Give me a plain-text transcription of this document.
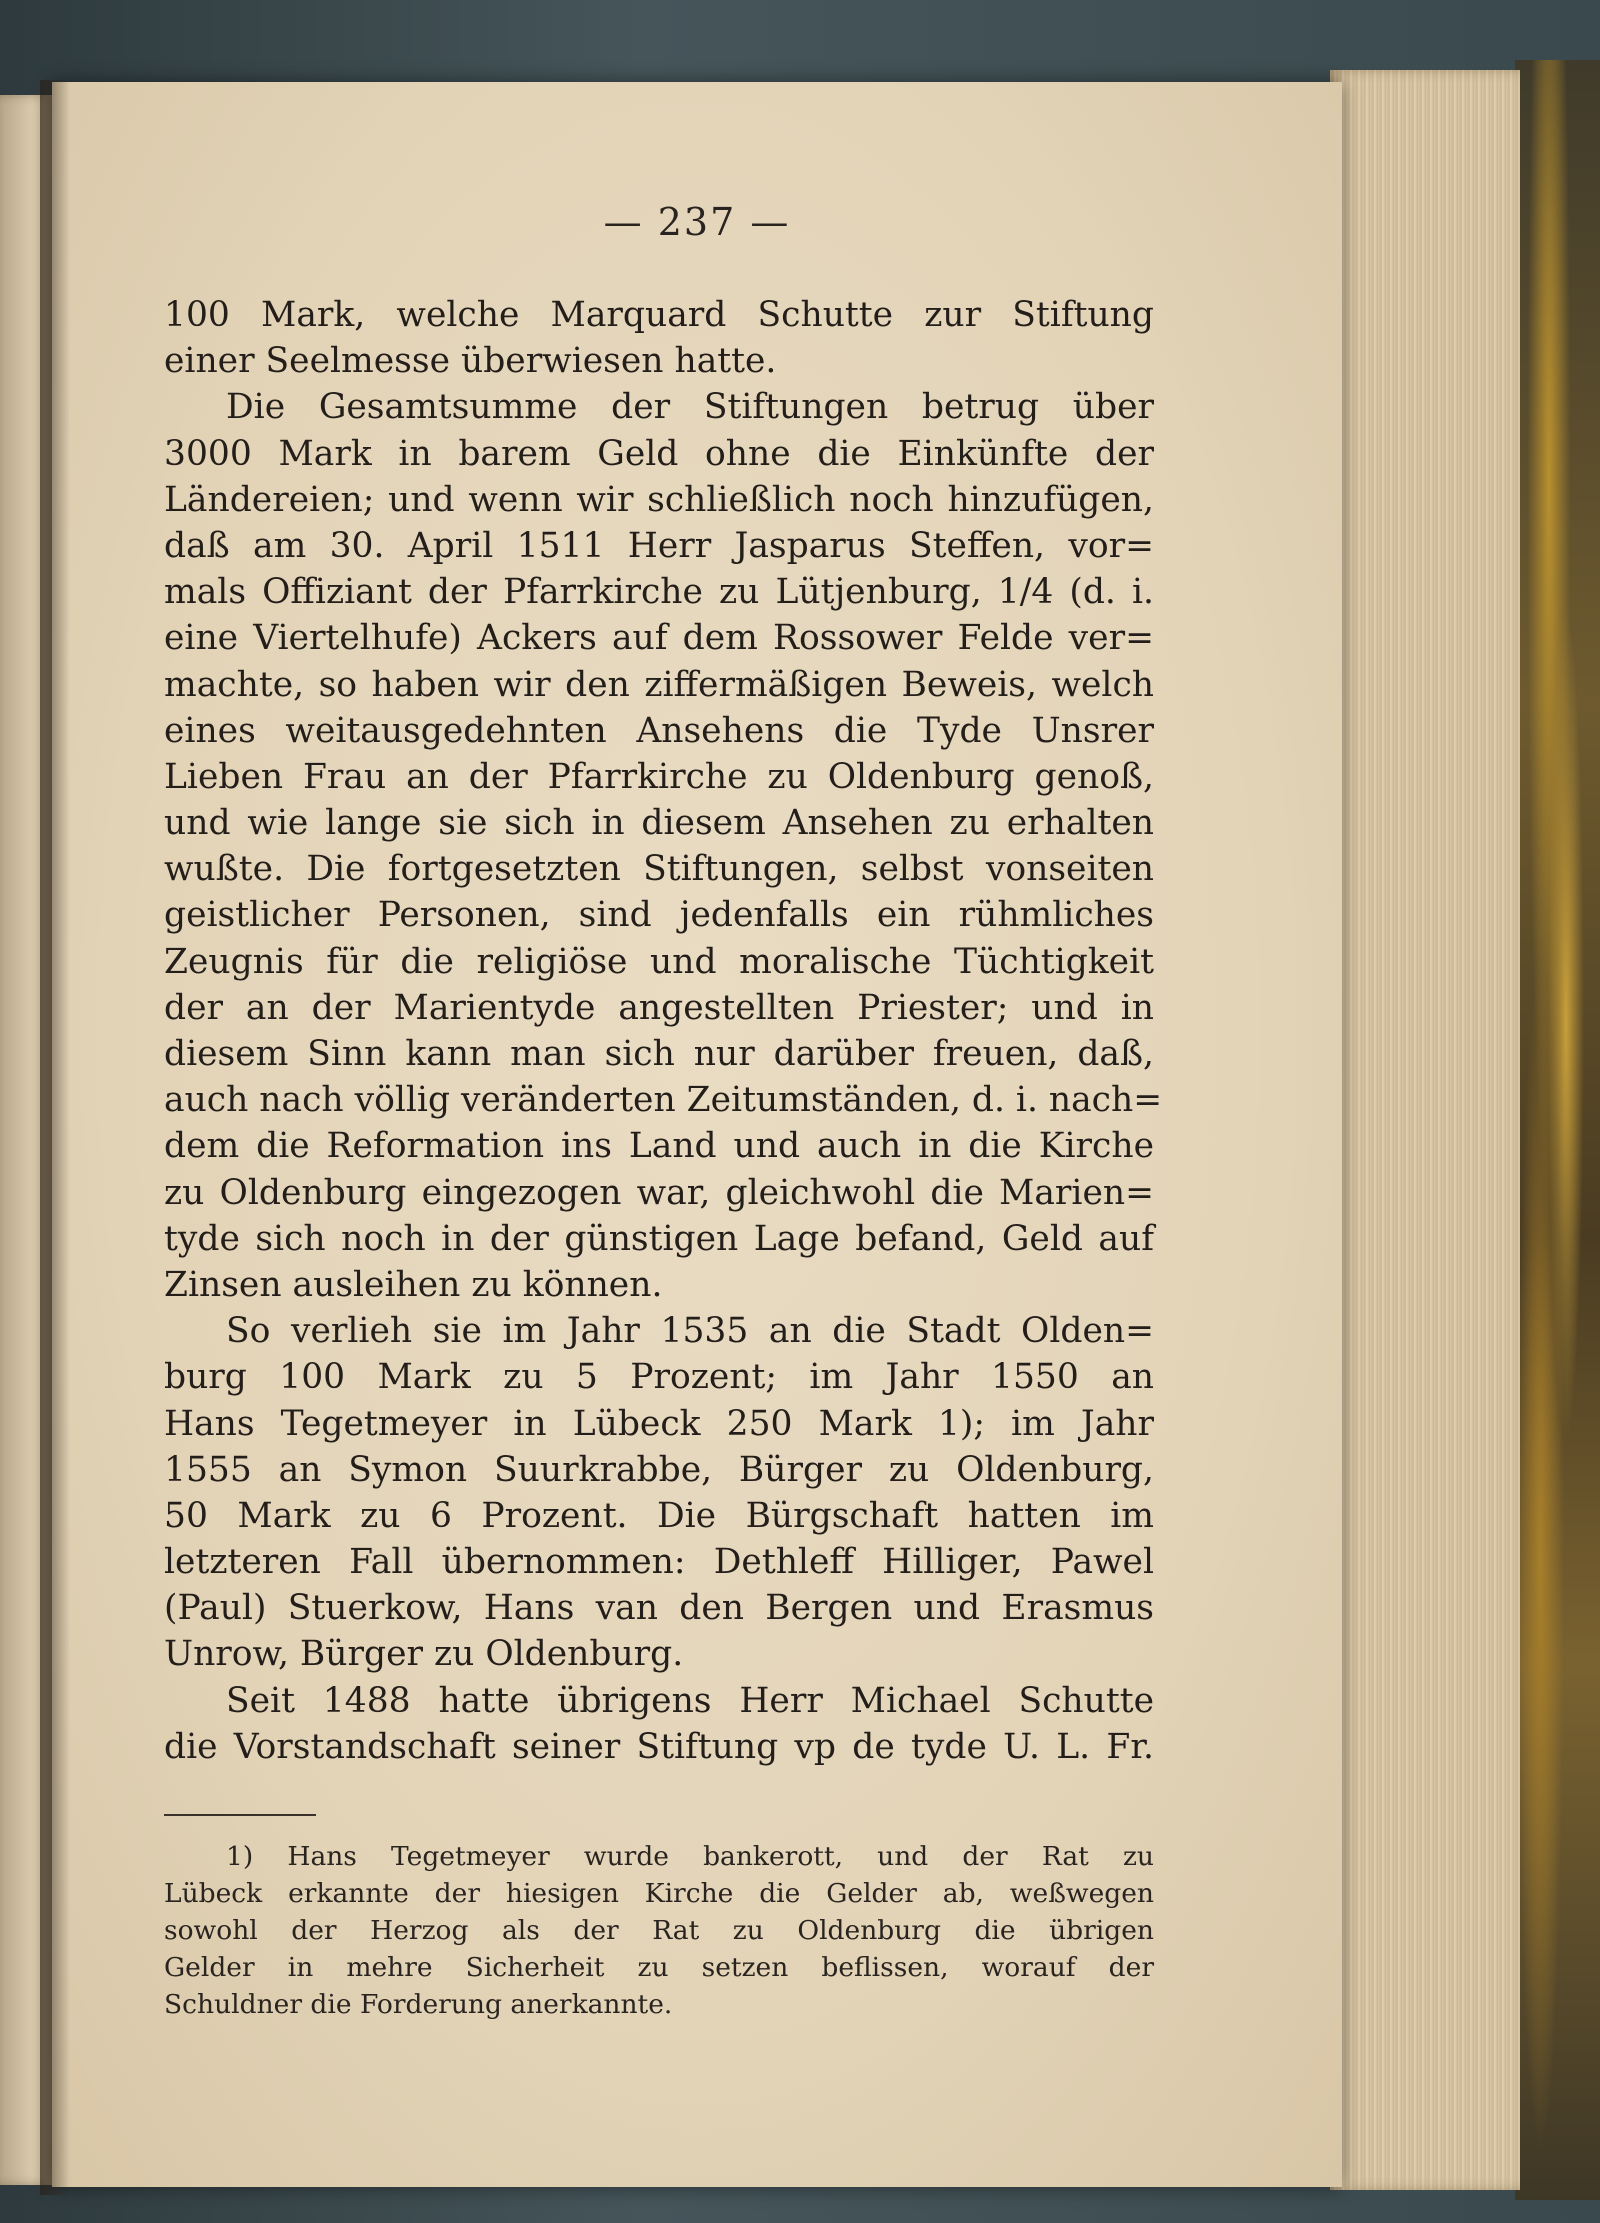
— 237 —
100 Mark, welche Marquard Schutte zur Stiftung
einer Seelmesse überwiesen hatte.
Die Gesamtsumme der Stiftungen betrug über
3000 Mark in barem Geld ohne die Einkünfte der
Ländereien; und wenn wir schließlich noch hinzufügen,
daß am 30. April 1511 Herr Jasparus Steffen, vor=
mals Offiziant der Pfarrkirche zu Lütjenburg, 1/4 (d. i.
eine Viertelhufe) Ackers auf dem Rossower Felde ver=
machte, so haben wir den ziffermäßigen Beweis, welch
eines weitausgedehnten Ansehens die Tyde Unsrer
Lieben Frau an der Pfarrkirche zu Oldenburg genoß,
und wie lange sie sich in diesem Ansehen zu erhalten
wußte. Die fortgesetzten Stiftungen, selbst vonseiten
geistlicher Personen, sind jedenfalls ein rühmliches
Zeugnis für die religiöse und moralische Tüchtigkeit
der an der Marientyde angestellten Priester; und in
diesem Sinn kann man sich nur darüber freuen, daß,
auch nach völlig veränderten Zeitumständen, d. i. nach=
dem die Reformation ins Land und auch in die Kirche
zu Oldenburg eingezogen war, gleichwohl die Marien=
tyde sich noch in der günstigen Lage befand, Geld auf
Zinsen ausleihen zu können.
So verlieh sie im Jahr 1535 an die Stadt Olden=
burg 100 Mark zu 5 Prozent; im Jahr 1550 an
Hans Tegetmeyer in Lübeck 250 Mark 1); im Jahr
1555 an Symon Suurkrabbe, Bürger zu Oldenburg,
50 Mark zu 6 Prozent. Die Bürgschaft hatten im
letzteren Fall übernommen: Dethleff Hilliger, Pawel
(Paul) Stuerkow, Hans van den Bergen und Erasmus
Unrow, Bürger zu Oldenburg.
Seit 1488 hatte übrigens Herr Michael Schutte
die Vorstandschaft seiner Stiftung vp de tyde U. L. Fr.
1) Hans Tegetmeyer wurde bankerott, und der Rat zu
Lübeck erkannte der hiesigen Kirche die Gelder ab, weßwegen
sowohl der Herzog als der Rat zu Oldenburg die übrigen
Gelder in mehre Sicherheit zu setzen beflissen, worauf der
Schuldner die Forderung anerkannte.
